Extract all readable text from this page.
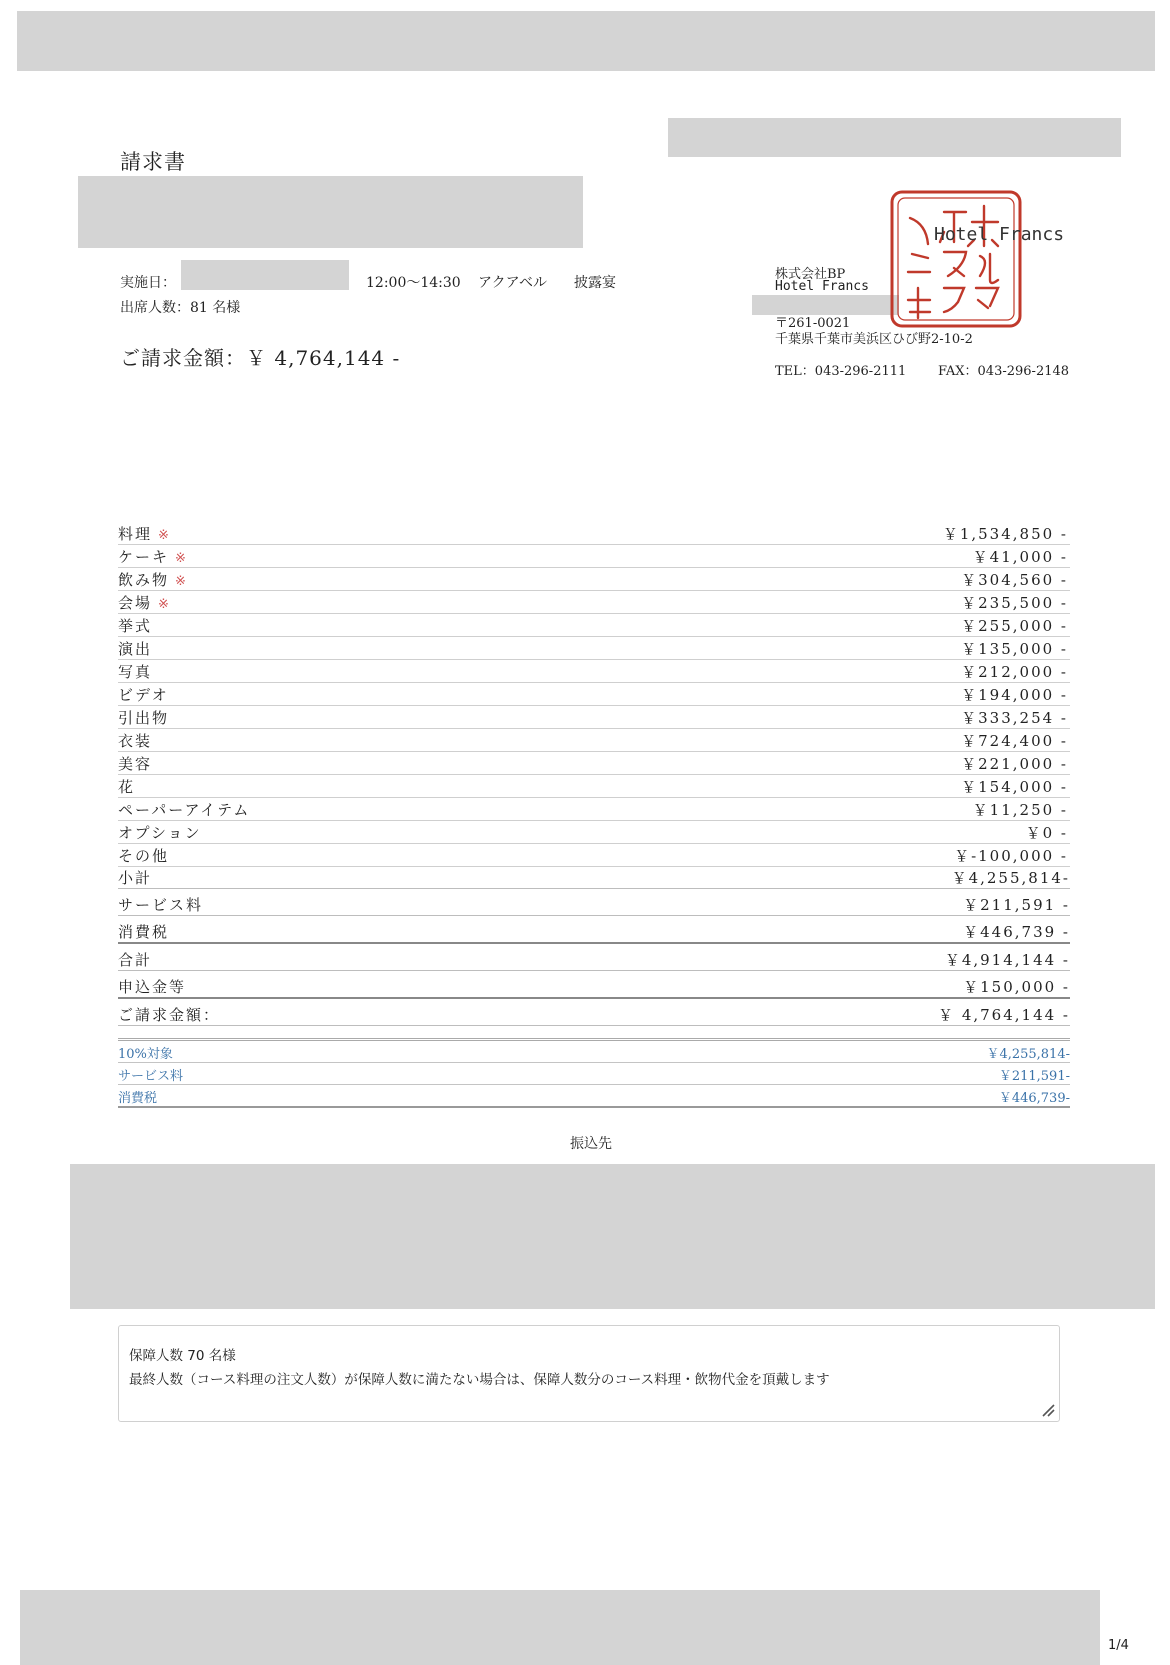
請求書
実施日：	12:00〜14:30 アクアベル 披露宴
出席人数：81 名様
ご請求金額：￥ 4,764,144 -
株式会社BP
Hotel Francs
〒261-0021
千葉県千葉市美浜区ひび野2-10-2
TEL：043-296-2111 FAX：043-296-2148
Hotel Francs
料理 ※	￥1,534,850 -
ケーキ ※	￥41,000 -
飲み物 ※	￥304,560 -
会場 ※	￥235,500 -
挙式	￥255,000 -
演出	￥135,000 -
写真	￥212,000 -
ビデオ	￥194,000 -
引出物	￥333,254 -
衣装	￥724,400 -
美容	￥221,000 -
花	￥154,000 -
ペーパーアイテム	￥11,250 -
オプション	￥0 -
その他	￥-100,000 -
小計	￥4,255,814-
サービス料	￥211,591 -
消費税	￥446,739 -
合計	￥4,914,144 -
申込金等	￥150,000 -
ご請求金額：	￥ 4,764,144 -
10%対象	￥4,255,814-
サービス料	￥211,591-
消費税	￥446,739-
振込先
保障人数 70 名様
最終人数（コース料理の注文人数）が保障人数に満たない場合は、保障人数分のコース料理・飲物代金を頂戴します
1/4
